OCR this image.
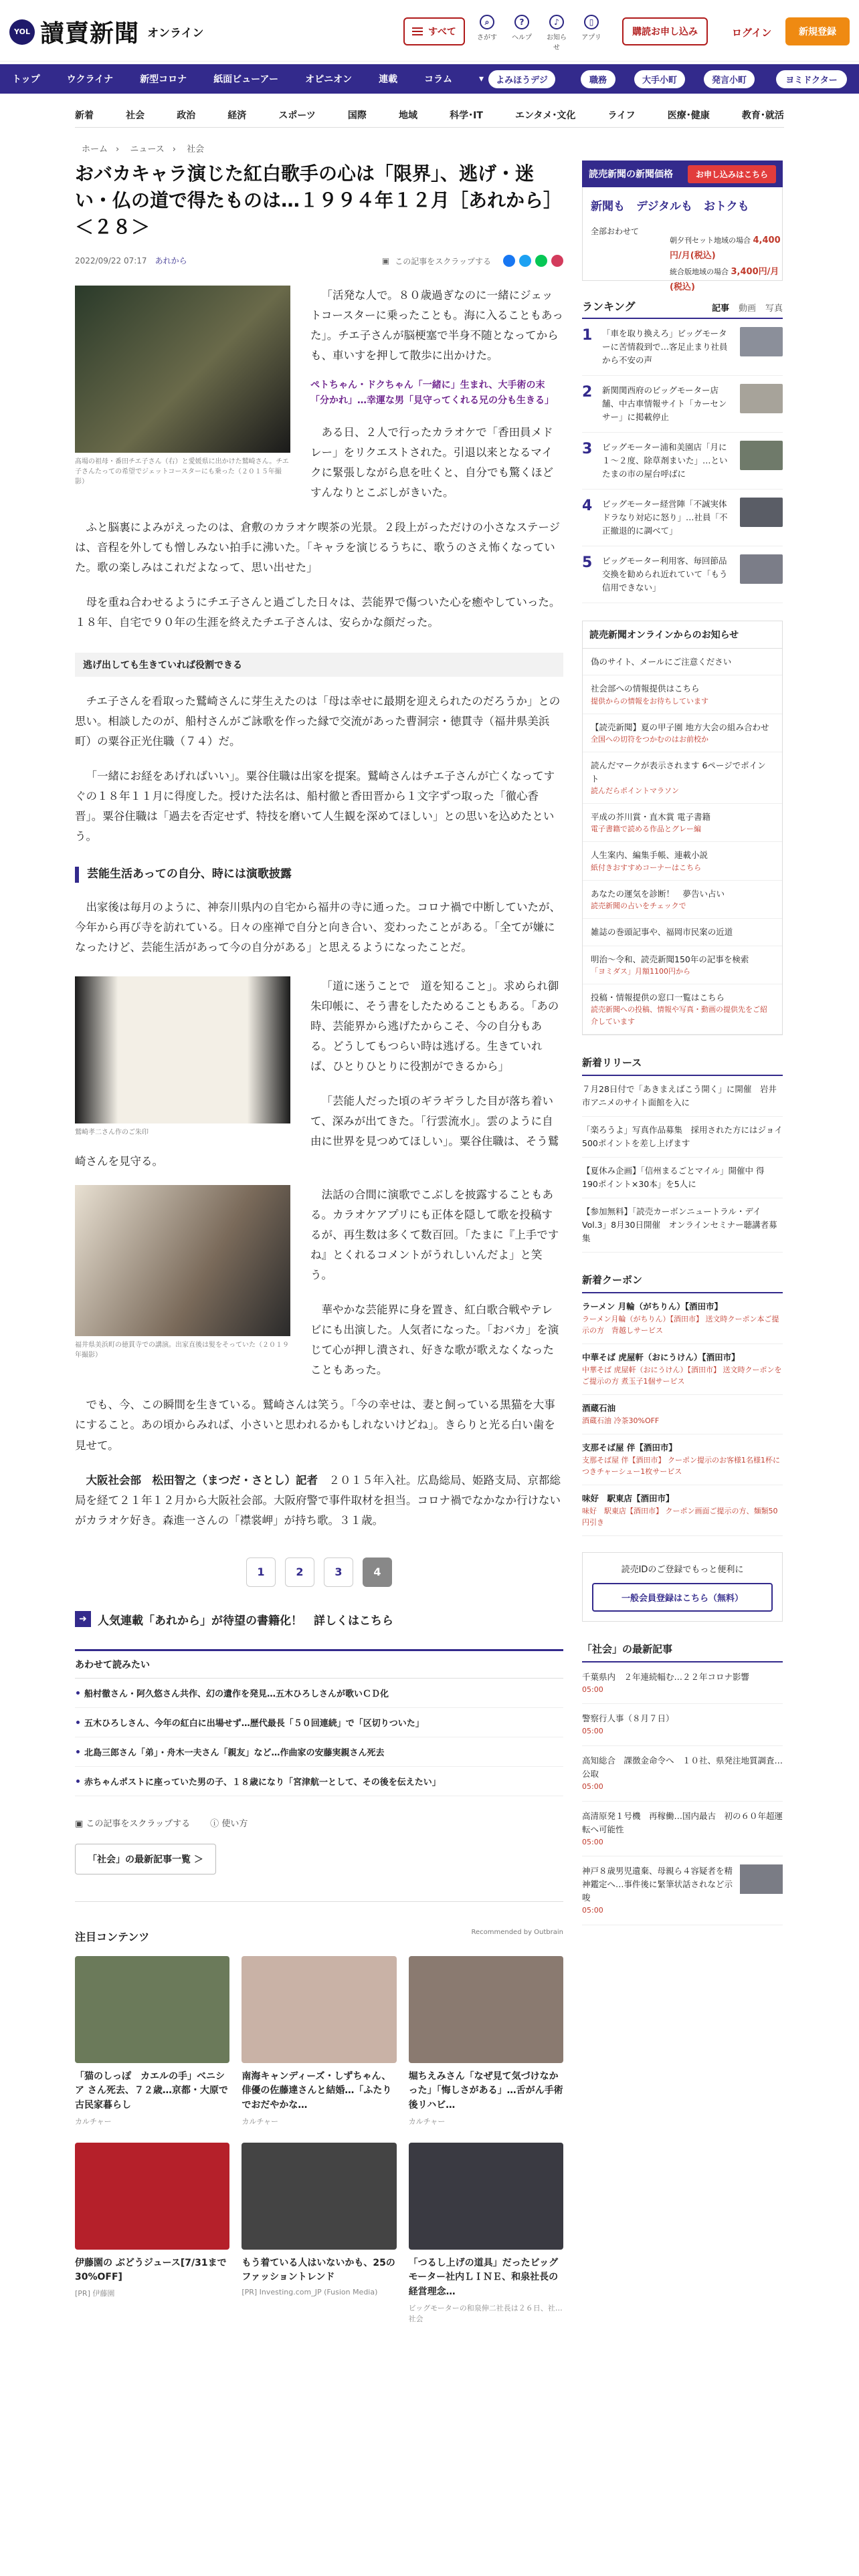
YOL 讀賣新聞 オンライン	すべて
⌕
さがす
?
ヘルプ
♪
お知らせ
▯
アプリ
購読お申し込み	ログイン	新規登録
トップ	ウクライナ	新型コロナ	紙面ビューアー	オピニオン	連載	コラム	▾	よみほうデジ	職務	大手小町	発言小町	ヨミドクター
新着	社会	政治	経済	スポーツ	国際	地域	科学･IT	エンタメ･文化	ライフ	医療･健康	教育･就活
ホーム › ニュース › 社会
おバカキャラ演じた紅白歌手の心は「限界」、逃げ・迷い・仏の道で得たものは…１９９４年１２月［あれから］＜２８＞
2022/09/22 07:17　 あれから	▣ この記事をスクラップする
髙場の祖母・番田チエ子さん（右）と愛媛県に出かけた鷲崎さん。チエ子さんたっての希望でジェットコースターにも乗った（２０１５年撮影）

「活発な人で。８０歳過ぎなのに一緒にジェットコースターに乗ったことも。海に入ることもあった」。チエ子さんが脳梗塞で半身不随となってからも、車いすを押して散歩に出かけた。

ペトちゃん・ドクちゃん「一緒に」生まれ、大手術の末「分かれ」…幸運な男「見守ってくれる兄の分も生きる」

ある日、２人で行ったカラオケで「香田員メドレー」をリクエストされた。引退以来となるマイクに緊張しながら息を吐くと、自分でも驚くほどすんなりとこぶしがきいた。

ふと脳裏によみがえったのは、倉敷のカラオケ喫茶の光景。２段上がっただけの小さなステージは、音程を外しても憎しみない拍手に沸いた。「キャラを演じるうちに、歌うのさえ怖くなっていた。歌の楽しみはこれだよなって、思い出せた」

母を重ね合わせるようにチエ子さんと過ごした日々は、芸能界で傷ついた心を癒やしていった。１８年、自宅で９０年の生涯を終えたチエ子さんは、安らかな顔だった。

逃げ出しても生きていれば役割できる

チエ子さんを看取った鷲崎さんに芽生えたのは「母は幸せに最期を迎えられたのだろうか」との思い。相談したのが、船村さんがご詠歌を作った縁で交流があった曹洞宗・徳貫寺（福井県美浜町）の粟谷正光住職（７４）だ。

「一緒にお経をあげればいい」。粟谷住職は出家を提案。鷲崎さんはチエ子さんが亡くなってすぐの１８年１１月に得度した。授けた法名は、船村徹と香田晋から１文字ずつ取った「徹心香晋」。粟谷住職は「過去を否定せず、特技を磨いて人生観を深めてほしい」との思いを込めたという。

芸能生活あっての自分、時には演歌披露

出家後は毎月のように、神奈川県内の自宅から福井の寺に通った。コロナ禍で中断していたが、今年から再び寺を訪れている。日々の座禅で自分と向き合い、変わったことがある。「全てが嫌になったけど、芸能生活があって今の自分がある」と思えるようになったことだ。

鷲崎孝二さん作のご朱印

「道に迷うことで　道を知ること」。求められ御朱印帳に、そう書をしたためることもある。「あの時、芸能界から逃げたからこそ、今の自分もある。どうしてもつらい時は逃げる。生きていれば、ひとりひとりに役割ができるから」

「芸能人だった頃のギラギラした目が落ち着いて、深みが出てきた。「行雲流水」。雲のように自由に世界を見つめてほしい」。粟谷住職は、そう鷲崎さんを見守る。

福井県美浜町の徳貫寺での講演。出家直後は髪をそっていた（２０１９年撮影）

法話の合間に演歌でこぶしを披露することもある。カラオケアプリにも正体を隠して歌を投稿するが、再生数は多くて数百回。「たまに『上手ですね』とくれるコメントがうれしいんだよ」と笑う。

華やかな芸能界に身を置き、紅白歌合戦やテレビにも出演した。人気者になった。「おバカ」を演じて心が押し潰され、好きな歌が歌えなくなったこともあった。

でも、今、この瞬間を生きている。鷲崎さんは笑う。「今の幸せは、妻と飼っている黒猫を大事にすること。あの頃からみれば、小さいと思われるかもしれないけどね」。きらりと光る白い歯を見せて。

大阪社会部　松田智之（まつだ・さとし）記者　 ２０１５年入社。広島総局、姫路支局、京都総局を経て２１年１２月から大阪社会部。大阪府警で事件取材を担当。コロナ禍でなかなか行けないがカラオケ好き。森進一さんの「襟裳岬」が持ち歌。３１歳。

1	2	3	4
➜ 人気連載「あれから」が待望の書籍化！　詳しくはこちら
あわせて読みたい
船村徹さん・阿久悠さん共作、幻の遺作を発見…五木ひろしさんが歌いＣＤ化
五木ひろしさん、今年の紅白に出場せず…歴代最長「５０回連続」で「区切りついた」
北島三郎さん「弟」・舟木一夫さん「親友」など…作曲家の安藤実親さん死去
赤ちゃんポストに座っていた男の子、１８歳になり「宮津航一として、その後を伝えたい」
▣ この記事をスクラップする ⓘ 使い方
「社会」の最新記事一覧 ＞
注目コンテンツ	Recommended by Outbrain
「猫のしっぽ　カエルの手」ベニシア さん死去、７２歳…京都・大原で古民家暮らし
カルチャー
南海キャンディーズ・しずちゃん、俳優の佐藤達さんと結婚…「ふたりでおだやかな…
カルチャー
堀ちえみさん「なぜ見て気づけなかった」「悔しさがある」…舌がん手術後リハビ…
カルチャー
伊藤園の ぶどうジュース[7/31まで30%OFF]
[PR] 伊藤園
もう着ている人はいないかも、25のファッショントレンド
[PR] Investing.com_JP (Fusion Media)
「つるし上げの道具」だったビッグモーター社内ＬＩＮＥ、和泉社長の経営理念…
ビッグモーターの和泉伸二社長は２６日、社… 社会
読売新聞の新聞価格	お申し込みはこちら
新聞も　デジタルも　おトクも
全部おわせて
朝夕刊セット地域の場合 4,400円/月(税込)
統合版地域の場合 3,400円/月(税込)
ランキング	記事 動画 写真
1	「車を取り換えろ」ビッグモーターに苦情殺到で…客足止まり社員から不安の声
2	新関関西府のビッグモーター店舗、中古車情報サイト「カーセンサー」に掲載停止
3	ビッグモーター浦和美園店「月に１～２度、除草剤まいた」…といたまの市の屋台呼ばに
4	ビッグモーター経営陣「不誠実体ドラなり対応に怒り」…社員「不正撤退的に調べて」
5	ビッグモーター利用客、毎回節品交換を勧められ近れていて「もう信用できない」
読売新聞オンラインからのお知らせ
偽のサイト、メールにご注意ください
社会部への情報提供はこちら
提供からの情報をお待ちしています
【読売新聞】夏の甲子園 地方大会の組み合わせ
全国への切符をつかむのはお前校か
読んだマークが表示されます 6ページでポイント
読んだらポイントマラソン
平成の芥川賞・直木賞 電子書籍
電子書籍で読める作品とグレー編
人生案内、編集手帳、連載小説
紙付きおすすめコーナーはこちら
あなたの運気を診断！　夢告い占い
読売新聞の占いをチェックで
雑誌の巻頭記事や、福岡市民案の近道
明治～令和、読売新聞150年の記事を検索
「ヨミダス」月額1100円から
投稿・情報提供の窓口一覧はこちら
読売新聞への投稿、情報や写真・動画の提供先をご紹介しています
新着リリース
７月28日付で「あきまえばこう開く」に開催　岩井市アニメのサイト面館を入に
「楽ろうよ」写真作品募集　採用された方にはジョイ500ポイントを差し上げます
【夏休み企画】「信州まるごとマイル」開催中 得 190ポイント×30本」を5人に
【参加無料】「読売カーボンニュートラル・デイ Vol.3」8月30日開催　オンラインセミナー聴講者募集
新着クーポン
ラーメン 月輪（がちりん）【酒田市】
ラーメン月輪（がちりん）【酒田市】 送文時クーポン本ご提示の方　背越しサービス
中華そば 虎屋軒（おにうけん）【酒田市】
中華そば 虎屋軒（おにうけん）【酒田市】 送文時クーポンをご提示の方 煮玉子1個サービス
酒蔵石油
酒蔵石油 冷茶30%OFF
支那そば屋 伴【酒田市】
支那そば屋 伴【酒田市】 クーポン提示のお客様1名様1杯につきチャーシュー1枚サービス
味好　駅東店【酒田市】
味好　駅東店【酒田市】 クーポン画面ご提示の方、麺類50円引き
読売IDのご登録でもっと便利に
一般会員登録はこちら（無料）
「社会」の最新記事
千葉県内　２年連続幅む…２２年コロナ影響
05:00
警察行人事（８月７日）
05:00
高知総合　課徴金命令へ　１０社、県発注地質調査…公取
05:00
高清原発１号機　再稼働…国内最古　初の６０年超運転へ可能性
05:00
神戸８歳男児遺棄、母親ら４容疑者を精神鑑定へ…事件後に緊筆状話されなど示唆
05:00
